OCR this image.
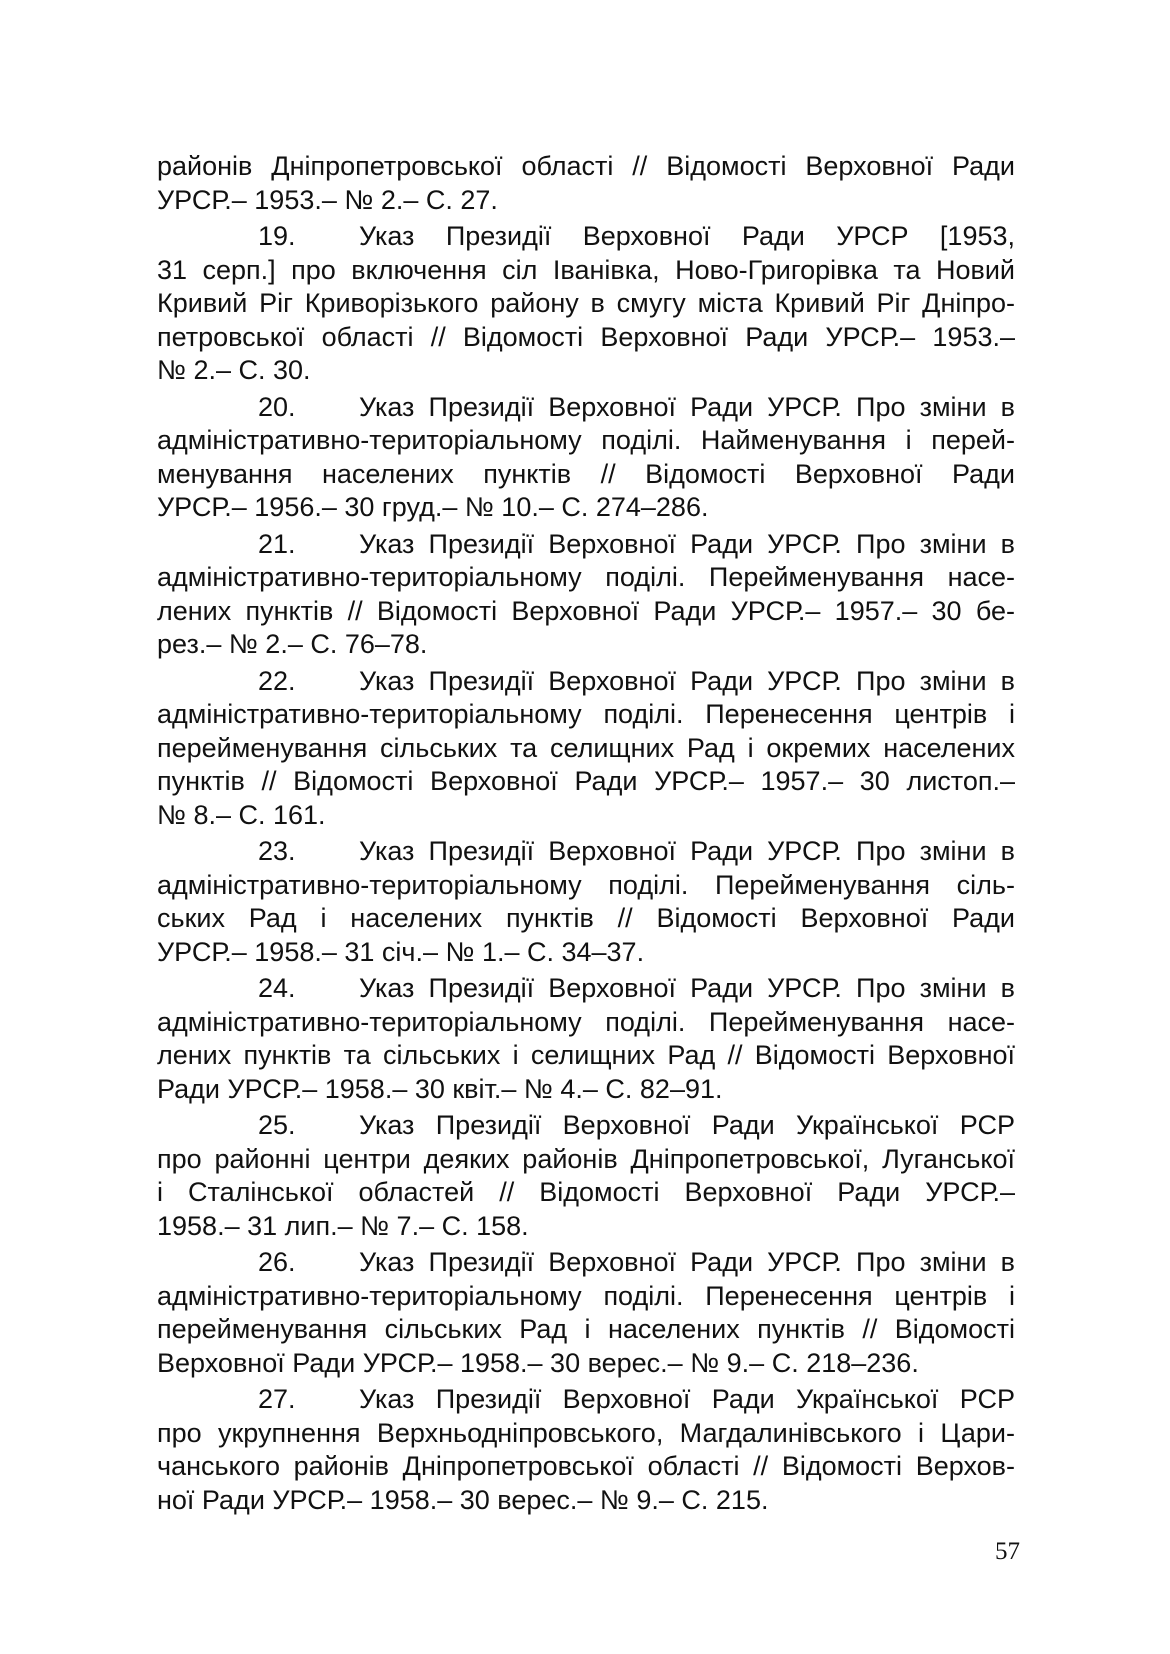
районів Дніпропетровської області // Відомості Верховної Ради
УРСР.– 1953.– № 2.– С. 27.

19. Указ Президії Верховної Ради УРСР [1953,
31 серп.] про включення сіл Іванівка, Ново-Григорівка та Новий
Кривий Ріг Криворізького району в смугу міста Кривий Ріг Дніпро-
петровської області // Відомості Верховної Ради УРСР.– 1953.–
№ 2.– С. 30.

20. Указ Президії Верховної Ради УРСР. Про зміни в
адміністративно-територіальному поділі. Найменування і перей-
менування населених пунктів // Відомості Верховної Ради
УРСР.– 1956.– 30 груд.– № 10.– С. 274–286.

21. Указ Президії Верховної Ради УРСР. Про зміни в
адміністративно-територіальному поділі. Перейменування насе-
лених пунктів // Відомості Верховної Ради УРСР.– 1957.– 30 бе-
рез.– № 2.– С. 76–78.

22. Указ Президії Верховної Ради УРСР. Про зміни в
адміністративно-територіальному поділі. Перенесення центрів і
перейменування сільських та селищних Рад і окремих населених
пунктів // Відомості Верховної Ради УРСР.– 1957.– 30 листоп.–
№ 8.– С. 161.

23. Указ Президії Верховної Ради УРСР. Про зміни в
адміністративно-територіальному поділі. Перейменування сіль-
ських Рад і населених пунктів // Відомості Верховної Ради
УРСР.– 1958.– 31 січ.– № 1.– С. 34–37.

24. Указ Президії Верховної Ради УРСР. Про зміни в
адміністративно-територіальному поділі. Перейменування насе-
лених пунктів та сільських і селищних Рад // Відомості Верховної
Ради УРСР.– 1958.– 30 квіт.– № 4.– С. 82–91.

25. Указ Президії Верховної Ради Української РСР
про районні центри деяких районів Дніпропетровської, Луганської
і Сталінської областей // Відомості Верховної Ради УРСР.–
1958.– 31 лип.– № 7.– С. 158.

26. Указ Президії Верховної Ради УРСР. Про зміни в
адміністративно-територіальному поділі. Перенесення центрів і
перейменування сільських Рад і населених пунктів // Відомості
Верховної Ради УРСР.– 1958.– 30 верес.– № 9.– С. 218–236.

27. Указ Президії Верховної Ради Української РСР
про укрупнення Верхньодніпровського, Магдалинівського і Цари-
чанського районів Дніпропетровської області // Відомості Верхов-
ної Ради УРСР.– 1958.– 30 верес.– № 9.– С. 215.

57
